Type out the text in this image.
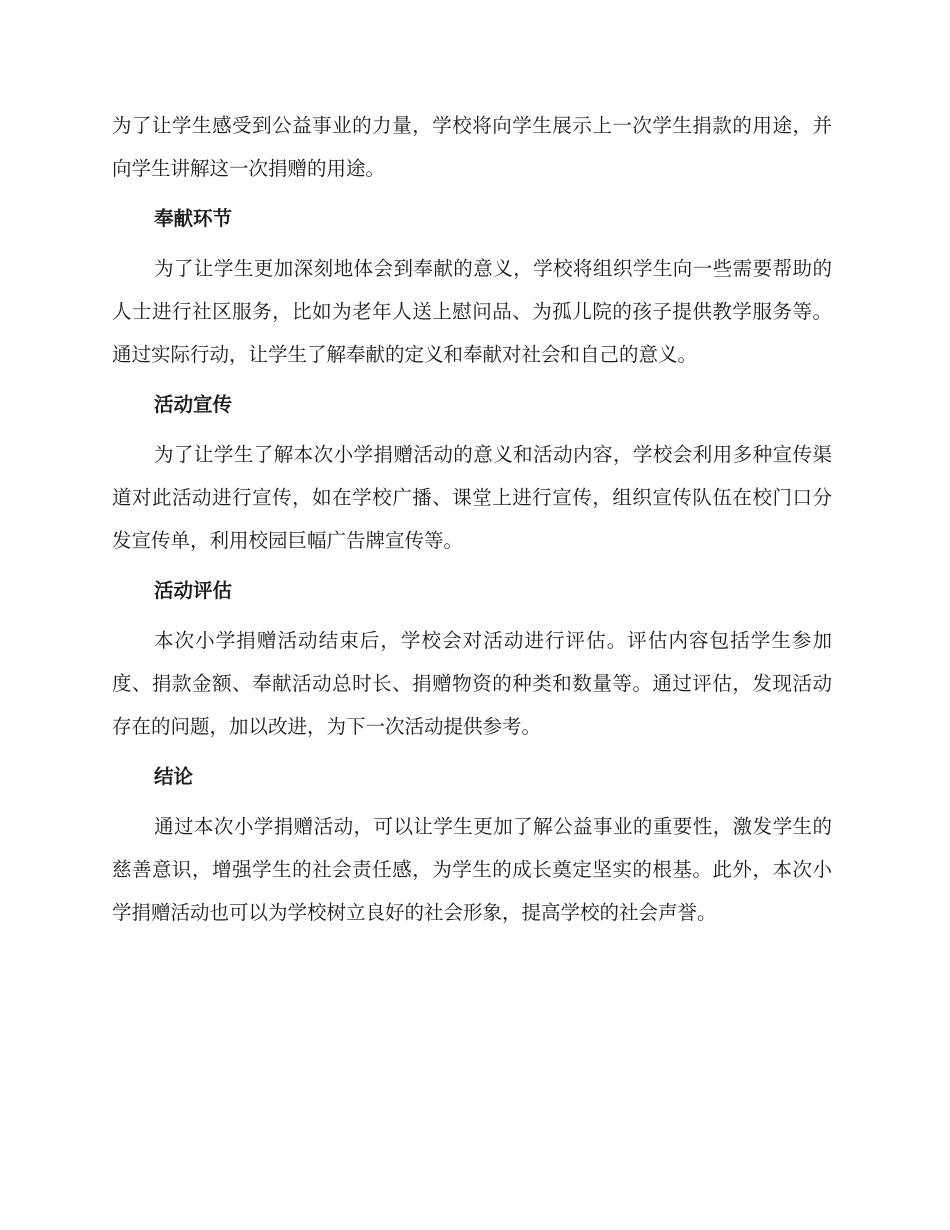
为了让学生感受到公益事业的力量，学校将向学生展示上一次学生捐款的用途，并向学生讲解这一次捐赠的用途。

奉献环节

为了让学生更加深刻地体会到奉献的意义，学校将组织学生向一些需要帮助的人士进行社区服务，比如为老年人送上慰问品、为孤儿院的孩子提供教学服务等。通过实际行动，让学生了解奉献的定义和奉献对社会和自己的意义。

活动宣传

为了让学生了解本次小学捐赠活动的意义和活动内容，学校会利用多种宣传渠道对此活动进行宣传，如在学校广播、课堂上进行宣传，组织宣传队伍在校门口分发宣传单，利用校园巨幅广告牌宣传等。

活动评估

本次小学捐赠活动结束后，学校会对活动进行评估。评估内容包括学生参加度、捐款金额、奉献活动总时长、捐赠物资的种类和数量等。通过评估，发现活动存在的问题，加以改进，为下一次活动提供参考。

结论

通过本次小学捐赠活动，可以让学生更加了解公益事业的重要性，激发学生的慈善意识，增强学生的社会责任感，为学生的成长奠定坚实的根基。此外，本次小学捐赠活动也可以为学校树立良好的社会形象，提高学校的社会声誉。
